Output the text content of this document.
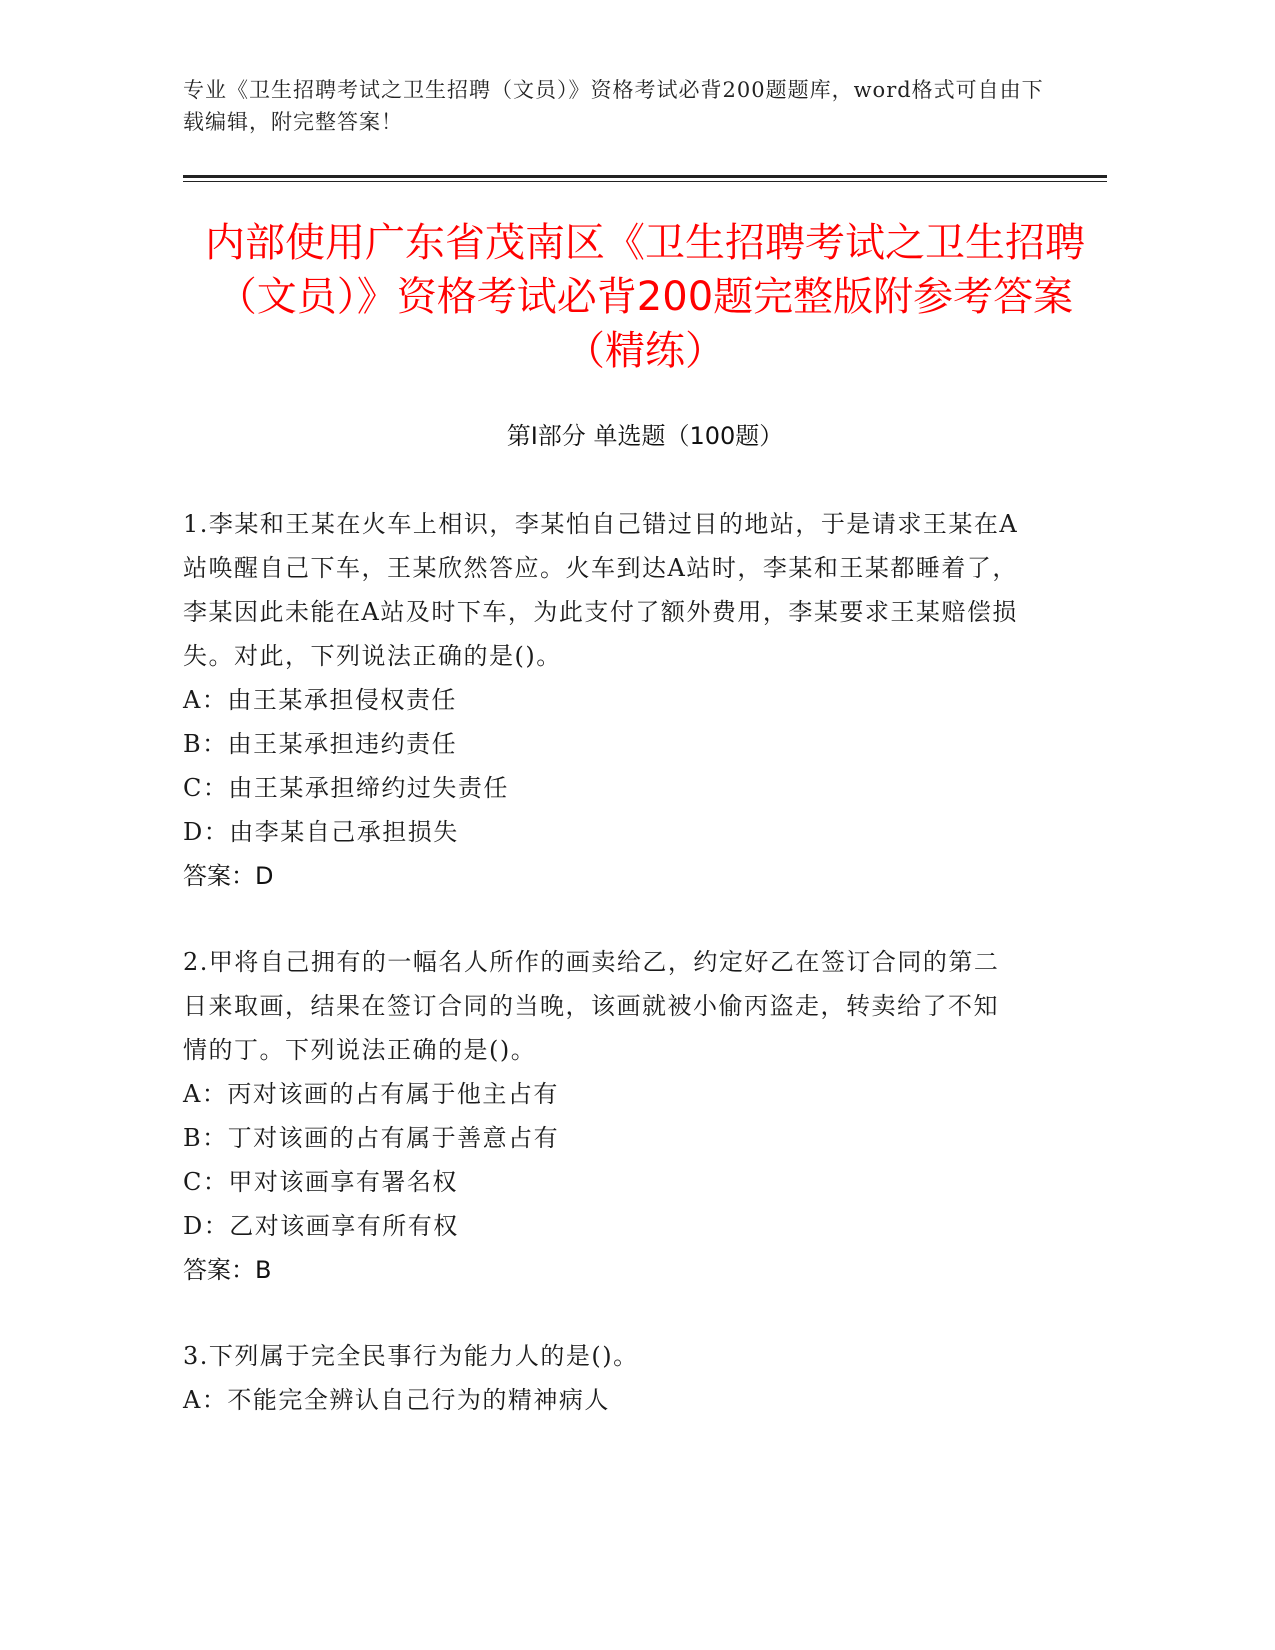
专业《卫生招聘考试之卫生招聘（文员）》资格考试必背200题题库，word格式可自由下载编辑，附完整答案！
内部使用广东省茂南区《卫生招聘考试之卫生招聘（文员）》资格考试必背200题完整版附参考答案（精练）
第Ⅰ部分 单选题（100题）

1.李某和王某在火车上相识，李某怕自己错过目的地站，于是请求王某在A站唤醒自己下车，王某欣然答应。火车到达A站时，李某和王某都睡着了，李某因此未能在A站及时下车，为此支付了额外费用，李某要求王某赔偿损失。对此，下列说法正确的是()。

A：由王某承担侵权责任

B：由王某承担违约责任

C：由王某承担缔约过失责任

D：由李某自己承担损失

答案：D

2.甲将自己拥有的一幅名人所作的画卖给乙，约定好乙在签订合同的第二日来取画，结果在签订合同的当晚，该画就被小偷丙盗走，转卖给了不知情的丁。下列说法正确的是()。

A：丙对该画的占有属于他主占有

B：丁对该画的占有属于善意占有

C：甲对该画享有署名权

D：乙对该画享有所有权

答案：B

3.下列属于完全民事行为能力人的是()。

A：不能完全辨认自己行为的精神病人
